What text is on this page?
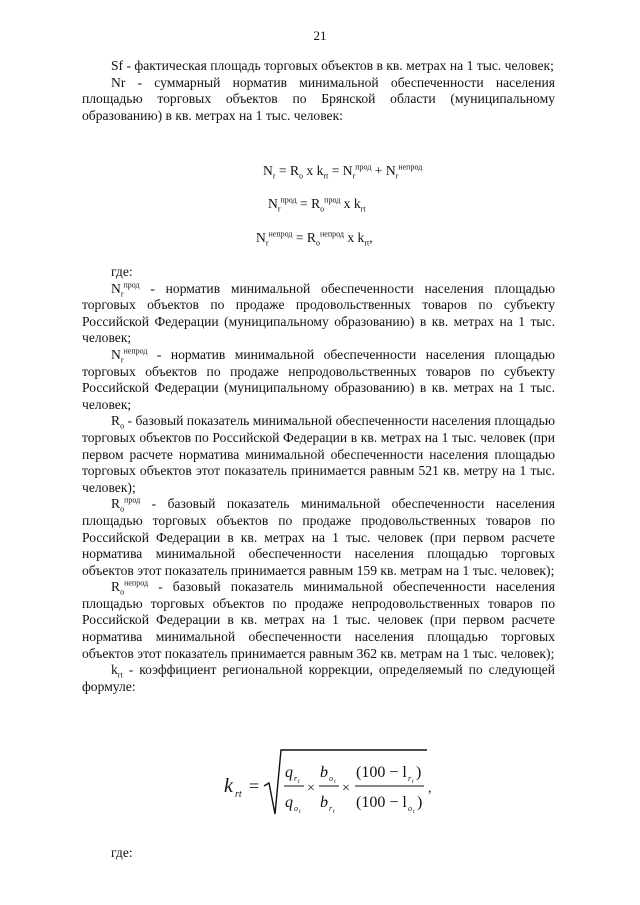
21

Sf - фактическая площадь торговых объектов в кв. метрах на 1 тыс. человек;

Nr - суммарный норматив минимальной обеспеченности населения площадью торговых объектов по Брянской области (муниципальному образованию) в кв. метрах на 1 тыс. человек:

$N_r = R_o$ x $k_{rt} = N_r^{прод} + N_r^{непрод}$
$N_r^{прод} = R_o^{прод}$ x $k_{rt}$
$N_r^{непрод} = R_o^{непрод}$ x $k_{rt}$,

где:

$N_r^{прод}$ - норматив минимальной обеспеченности населения площадью торговых объектов по продаже продовольственных товаров по субъекту Российской Федерации (муниципальному образованию) в кв. метрах на 1 тыс. человек;

$N_r^{непрод}$ - норматив минимальной обеспеченности населения площадью торговых объектов по продаже непродовольственных товаров по субъекту Российской Федерации (муниципальному образованию) в кв. метрах на 1 тыс. человек;

$R_o$ - базовый показатель минимальной обеспеченности населения площадью торговых объектов по Российской Федерации в кв. метрах на 1 тыс. человек (при первом расчете норматива минимальной обеспеченности населения площадью торговых объектов этот показатель принимается равным 521 кв. метру на 1 тыс. человек);

$R_o^{прод}$ - базовый показатель минимальной обеспеченности населения площадью торговых объектов по продаже продовольственных товаров по Российской Федерации в кв. метрах на 1 тыс. человек (при первом расчете норматива минимальной обеспеченности населения площадью торговых объектов этот показатель принимается равным 159 кв. метрам на 1 тыс. человек);

$R_o^{непрод}$ - базовый показатель минимальной обеспеченности населения площадью торговых объектов по продаже непродовольственных товаров по Российской Федерации в кв. метрах на 1 тыс. человек (при первом расчете норматива минимальной обеспеченности населения площадью торговых объектов этот показатель принимается равным 362 кв. метрам на 1 тыс. человек);

$k_{rt}$ - коэффициент региональной коррекции, определяемый по следующей формуле:

k rt =
q r t
q o t
×
b o t
b r t
×
(100 − l r t
)
(100 − l o t
)
,

где:
